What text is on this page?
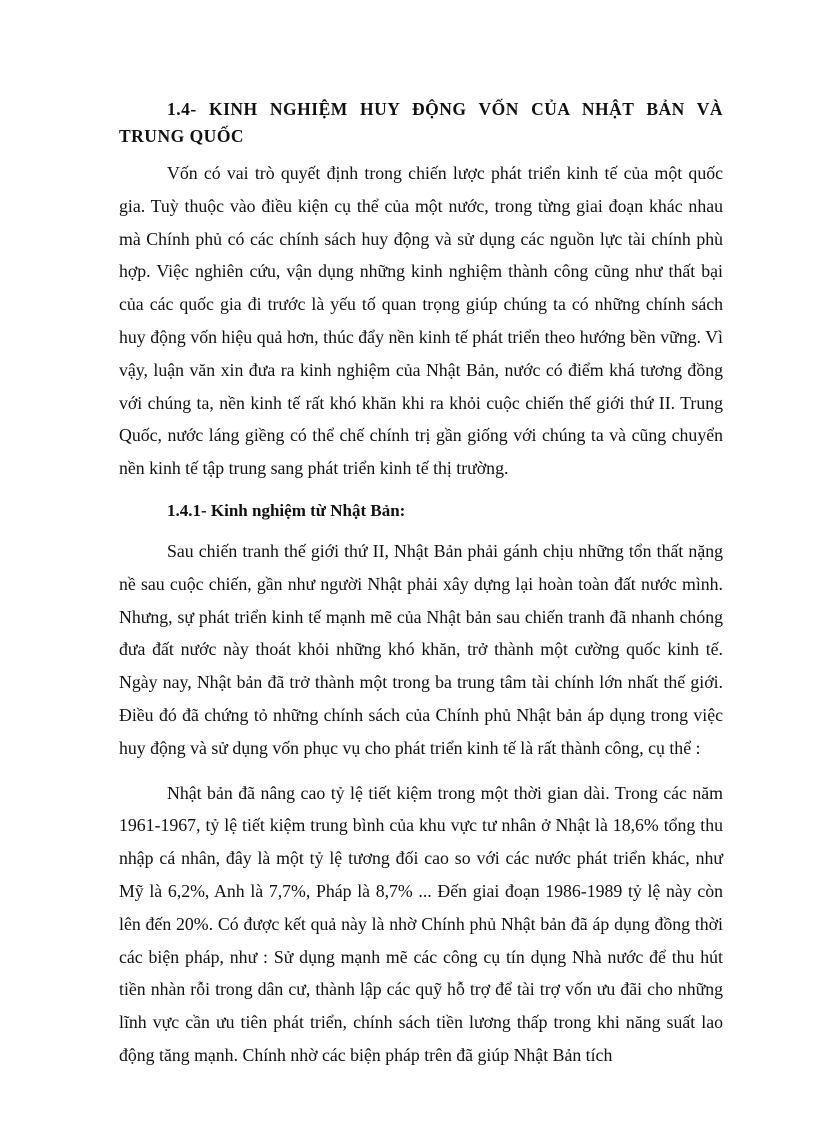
1.4- KINH NGHIỆM HUY ĐỘNG VỐN CỦA NHẬT BẢN VÀ TRUNG QUỐC

Vốn có vai trò quyết định trong chiến lược phát triển kinh tế của một quốc gia. Tuỳ thuộc vào điều kiện cụ thể của một nước, trong từng giai đoạn khác nhau mà Chính phủ có các chính sách huy động và sử dụng các nguồn lực tài chính phù hợp. Việc nghiên cứu, vận dụng những kinh nghiệm thành công cũng như thất bại của các quốc gia đi trước là yếu tố quan trọng giúp chúng ta có những chính sách huy động vốn hiệu quả hơn, thúc đẩy nền kinh tế phát triển theo hướng bền vững. Vì vậy, luận văn xin đưa ra kinh nghiệm của Nhật Bản, nước có điểm khá tương đồng với chúng ta, nền kinh tế rất khó khăn khi ra khỏi cuộc chiến thế giới thứ II. Trung Quốc, nước láng giềng có thể chế chính trị gần giống với chúng ta và cũng chuyển nền kinh tế tập trung sang phát triển kinh tế thị trường.

1.4.1- Kinh nghiệm từ Nhật Bản:

Sau chiến tranh thế giới thứ II, Nhật Bản phải gánh chịu những tổn thất nặng nề sau cuộc chiến, gần như người Nhật phải xây dựng lại hoàn toàn đất nước mình. Nhưng, sự phát triển kinh tế mạnh mẽ của Nhật bản sau chiến tranh đã nhanh chóng đưa đất nước này thoát khỏi những khó khăn, trở thành một cường quốc kinh tế. Ngày nay, Nhật bản đã trở thành một trong ba trung tâm tài chính lớn nhất thế giới. Điều đó đã chứng tỏ những chính sách của Chính phủ Nhật bản áp dụng trong việc huy động và sử dụng vốn phục vụ cho phát triển kinh tế là rất thành công, cụ thể :

Nhật bản đã nâng cao tỷ lệ tiết kiệm trong một thời gian dài. Trong các năm 1961-1967, tỷ lệ tiết kiệm trung bình của khu vực tư nhân ở Nhật là 18,6% tổng thu nhập cá nhân, đây là một tỷ lệ tương đối cao so với các nước phát triển khác, như Mỹ là 6,2%, Anh là 7,7%, Pháp là 8,7% ... Đến giai đoạn 1986-1989 tỷ lệ này còn lên đến 20%. Có được kết quả này là nhờ Chính phủ Nhật bản đã áp dụng đồng thời các biện pháp, như : Sử dụng mạnh mẽ các công cụ tín dụng Nhà nước để thu hút tiền nhàn rỗi trong dân cư, thành lập các quỹ hỗ trợ để tài trợ vốn ưu đãi cho những lĩnh vực cần ưu tiên phát triển, chính sách tiền lương thấp trong khi năng suất lao động tăng mạnh. Chính nhờ các biện pháp trên đã giúp Nhật Bản tích
